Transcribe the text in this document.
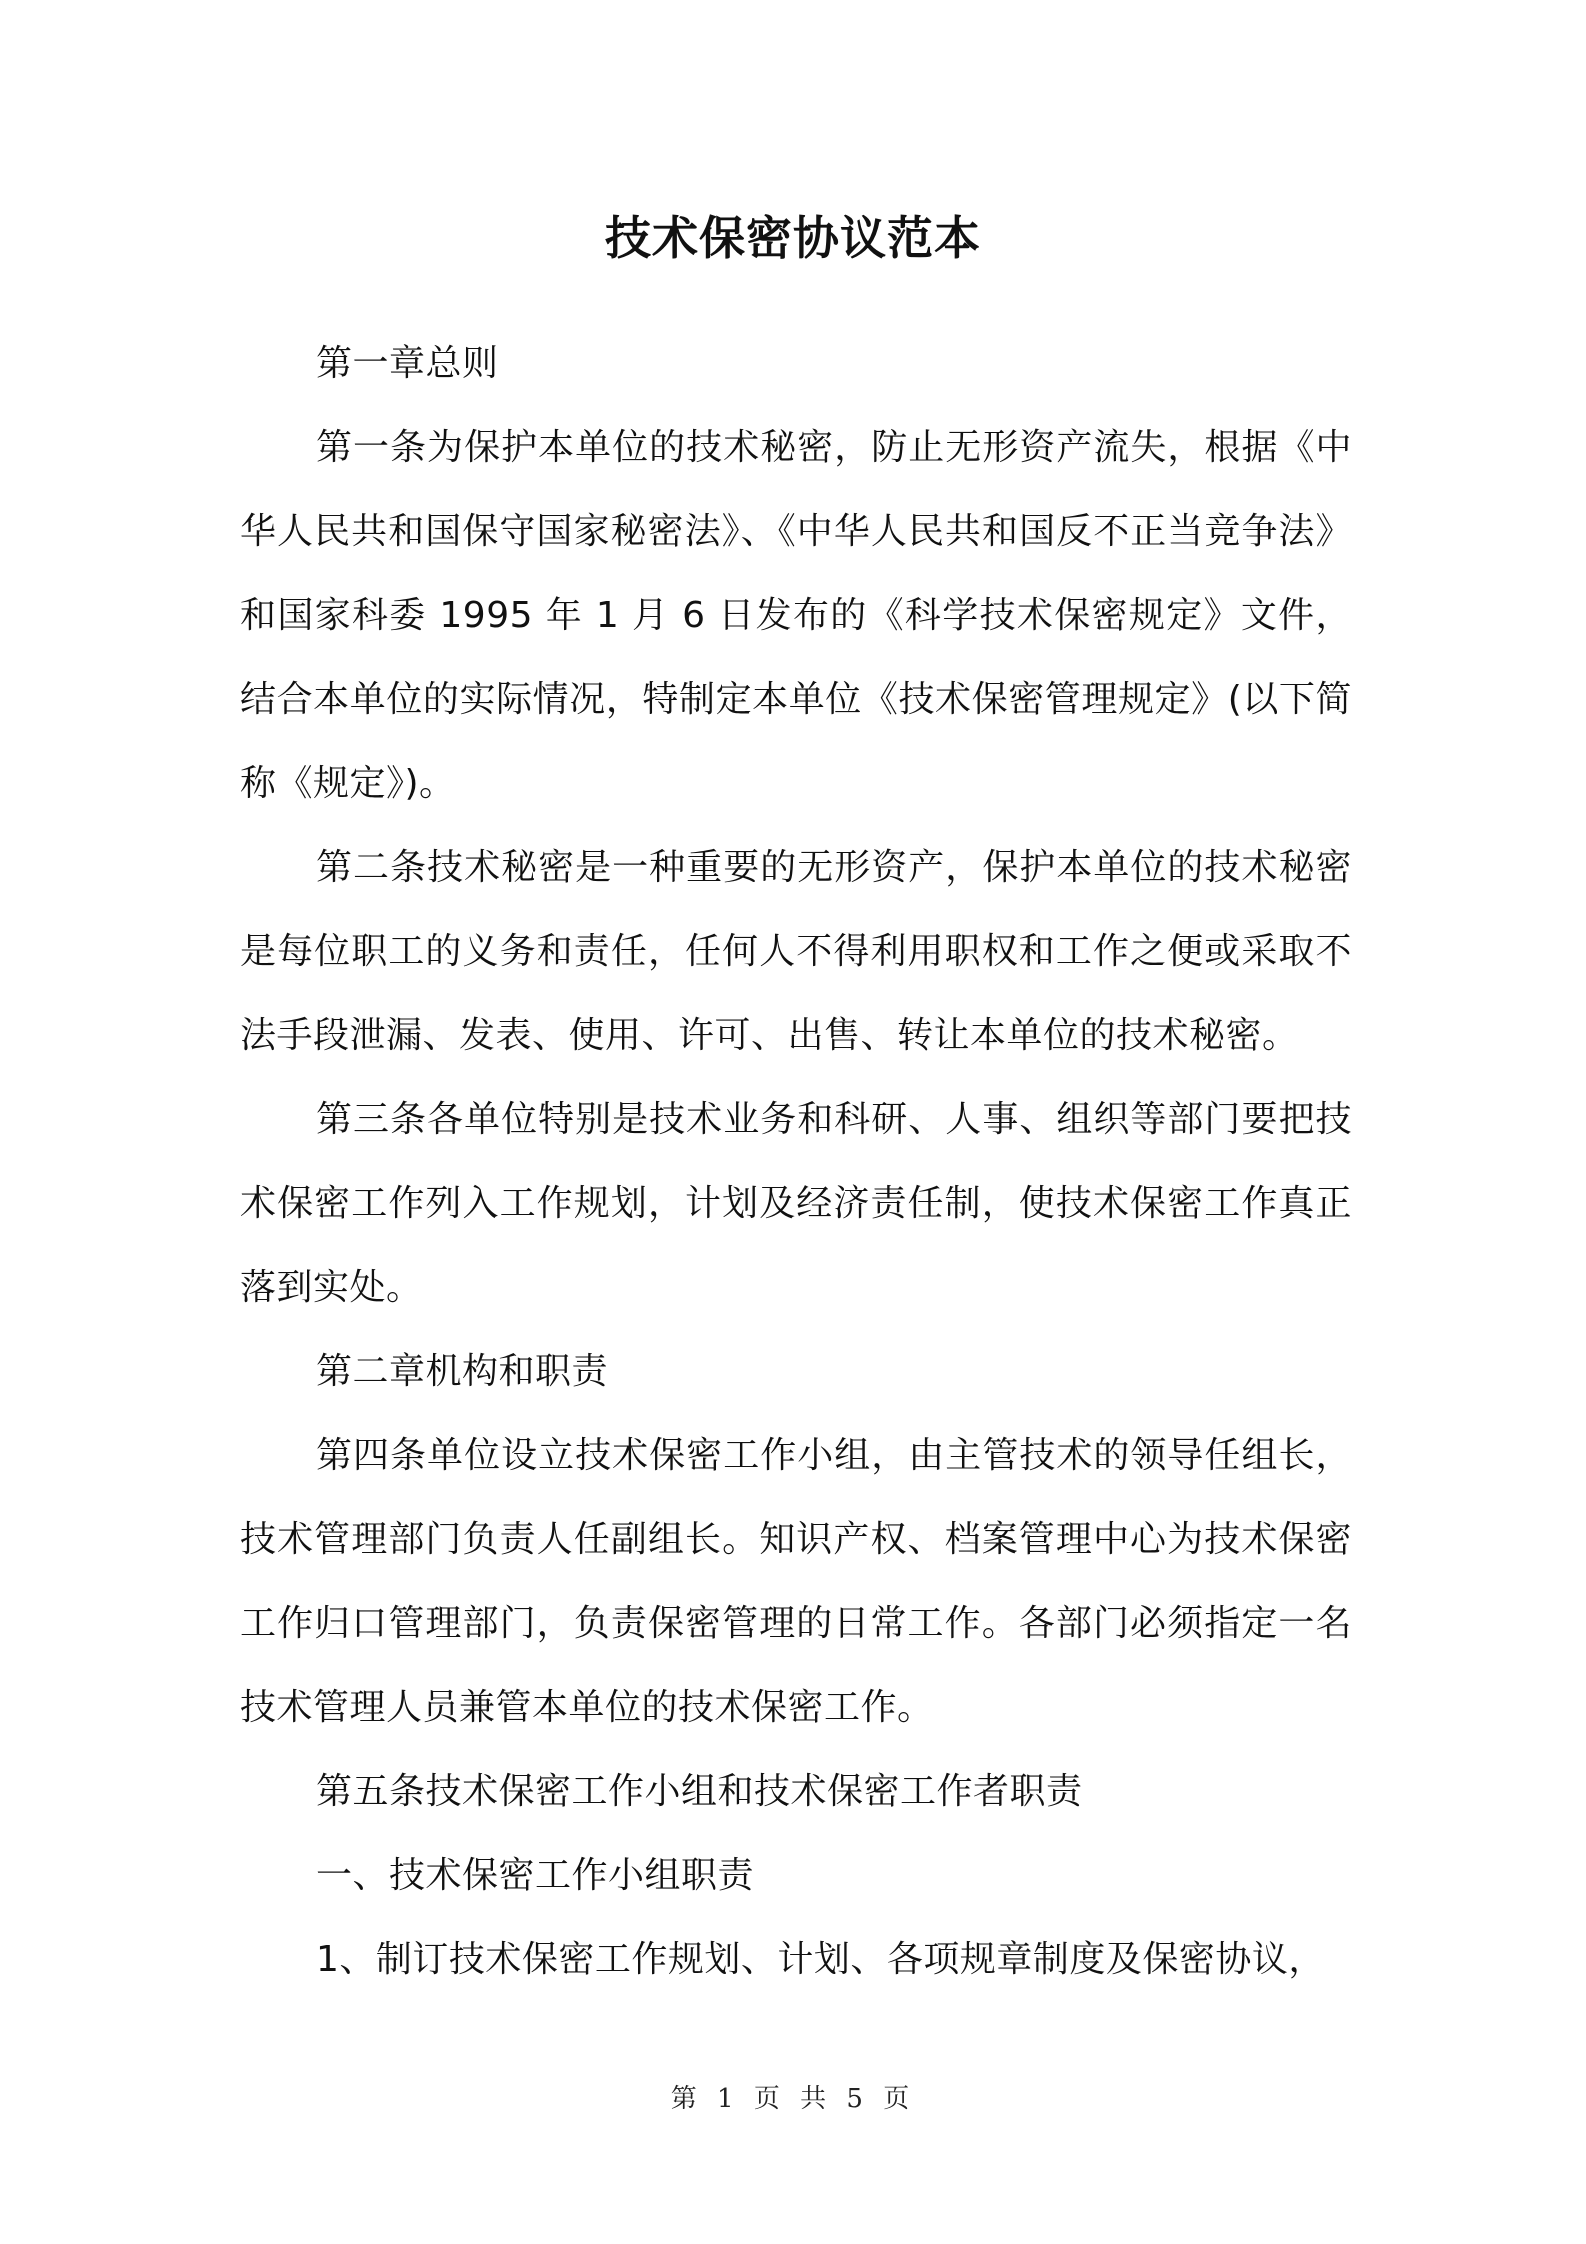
技术保密协议范本

第一章总则

第一条为保护本单位的技术秘密，防止无形资产流失，根据《中华人民共和国保守国家秘密法》、《中华人民共和国反不正当竞争法》和国家科委 1995 年 1 月 6 日发布的《科学技术保密规定》文件，结合本单位的实际情况，特制定本单位《技术保密管理规定》(以下简称《规定》)。

第二条技术秘密是一种重要的无形资产，保护本单位的技术秘密是每位职工的义务和责任，任何人不得利用职权和工作之便或采取不法手段泄漏、发表、使用、许可、出售、转让本单位的技术秘密。

第三条各单位特别是技术业务和科研、人事、组织等部门要把技术保密工作列入工作规划，计划及经济责任制，使技术保密工作真正落到实处。

第二章机构和职责

第四条单位设立技术保密工作小组，由主管技术的领导任组长，技术管理部门负责人任副组长。知识产权、档案管理中心为技术保密工作归口管理部门，负责保密管理的日常工作。各部门必须指定一名技术管理人员兼管本单位的技术保密工作。

第五条技术保密工作小组和技术保密工作者职责

一、技术保密工作小组职责

1、制订技术保密工作规划、计划、各项规章制度及保密协议，

第 1 页 共 5 页
